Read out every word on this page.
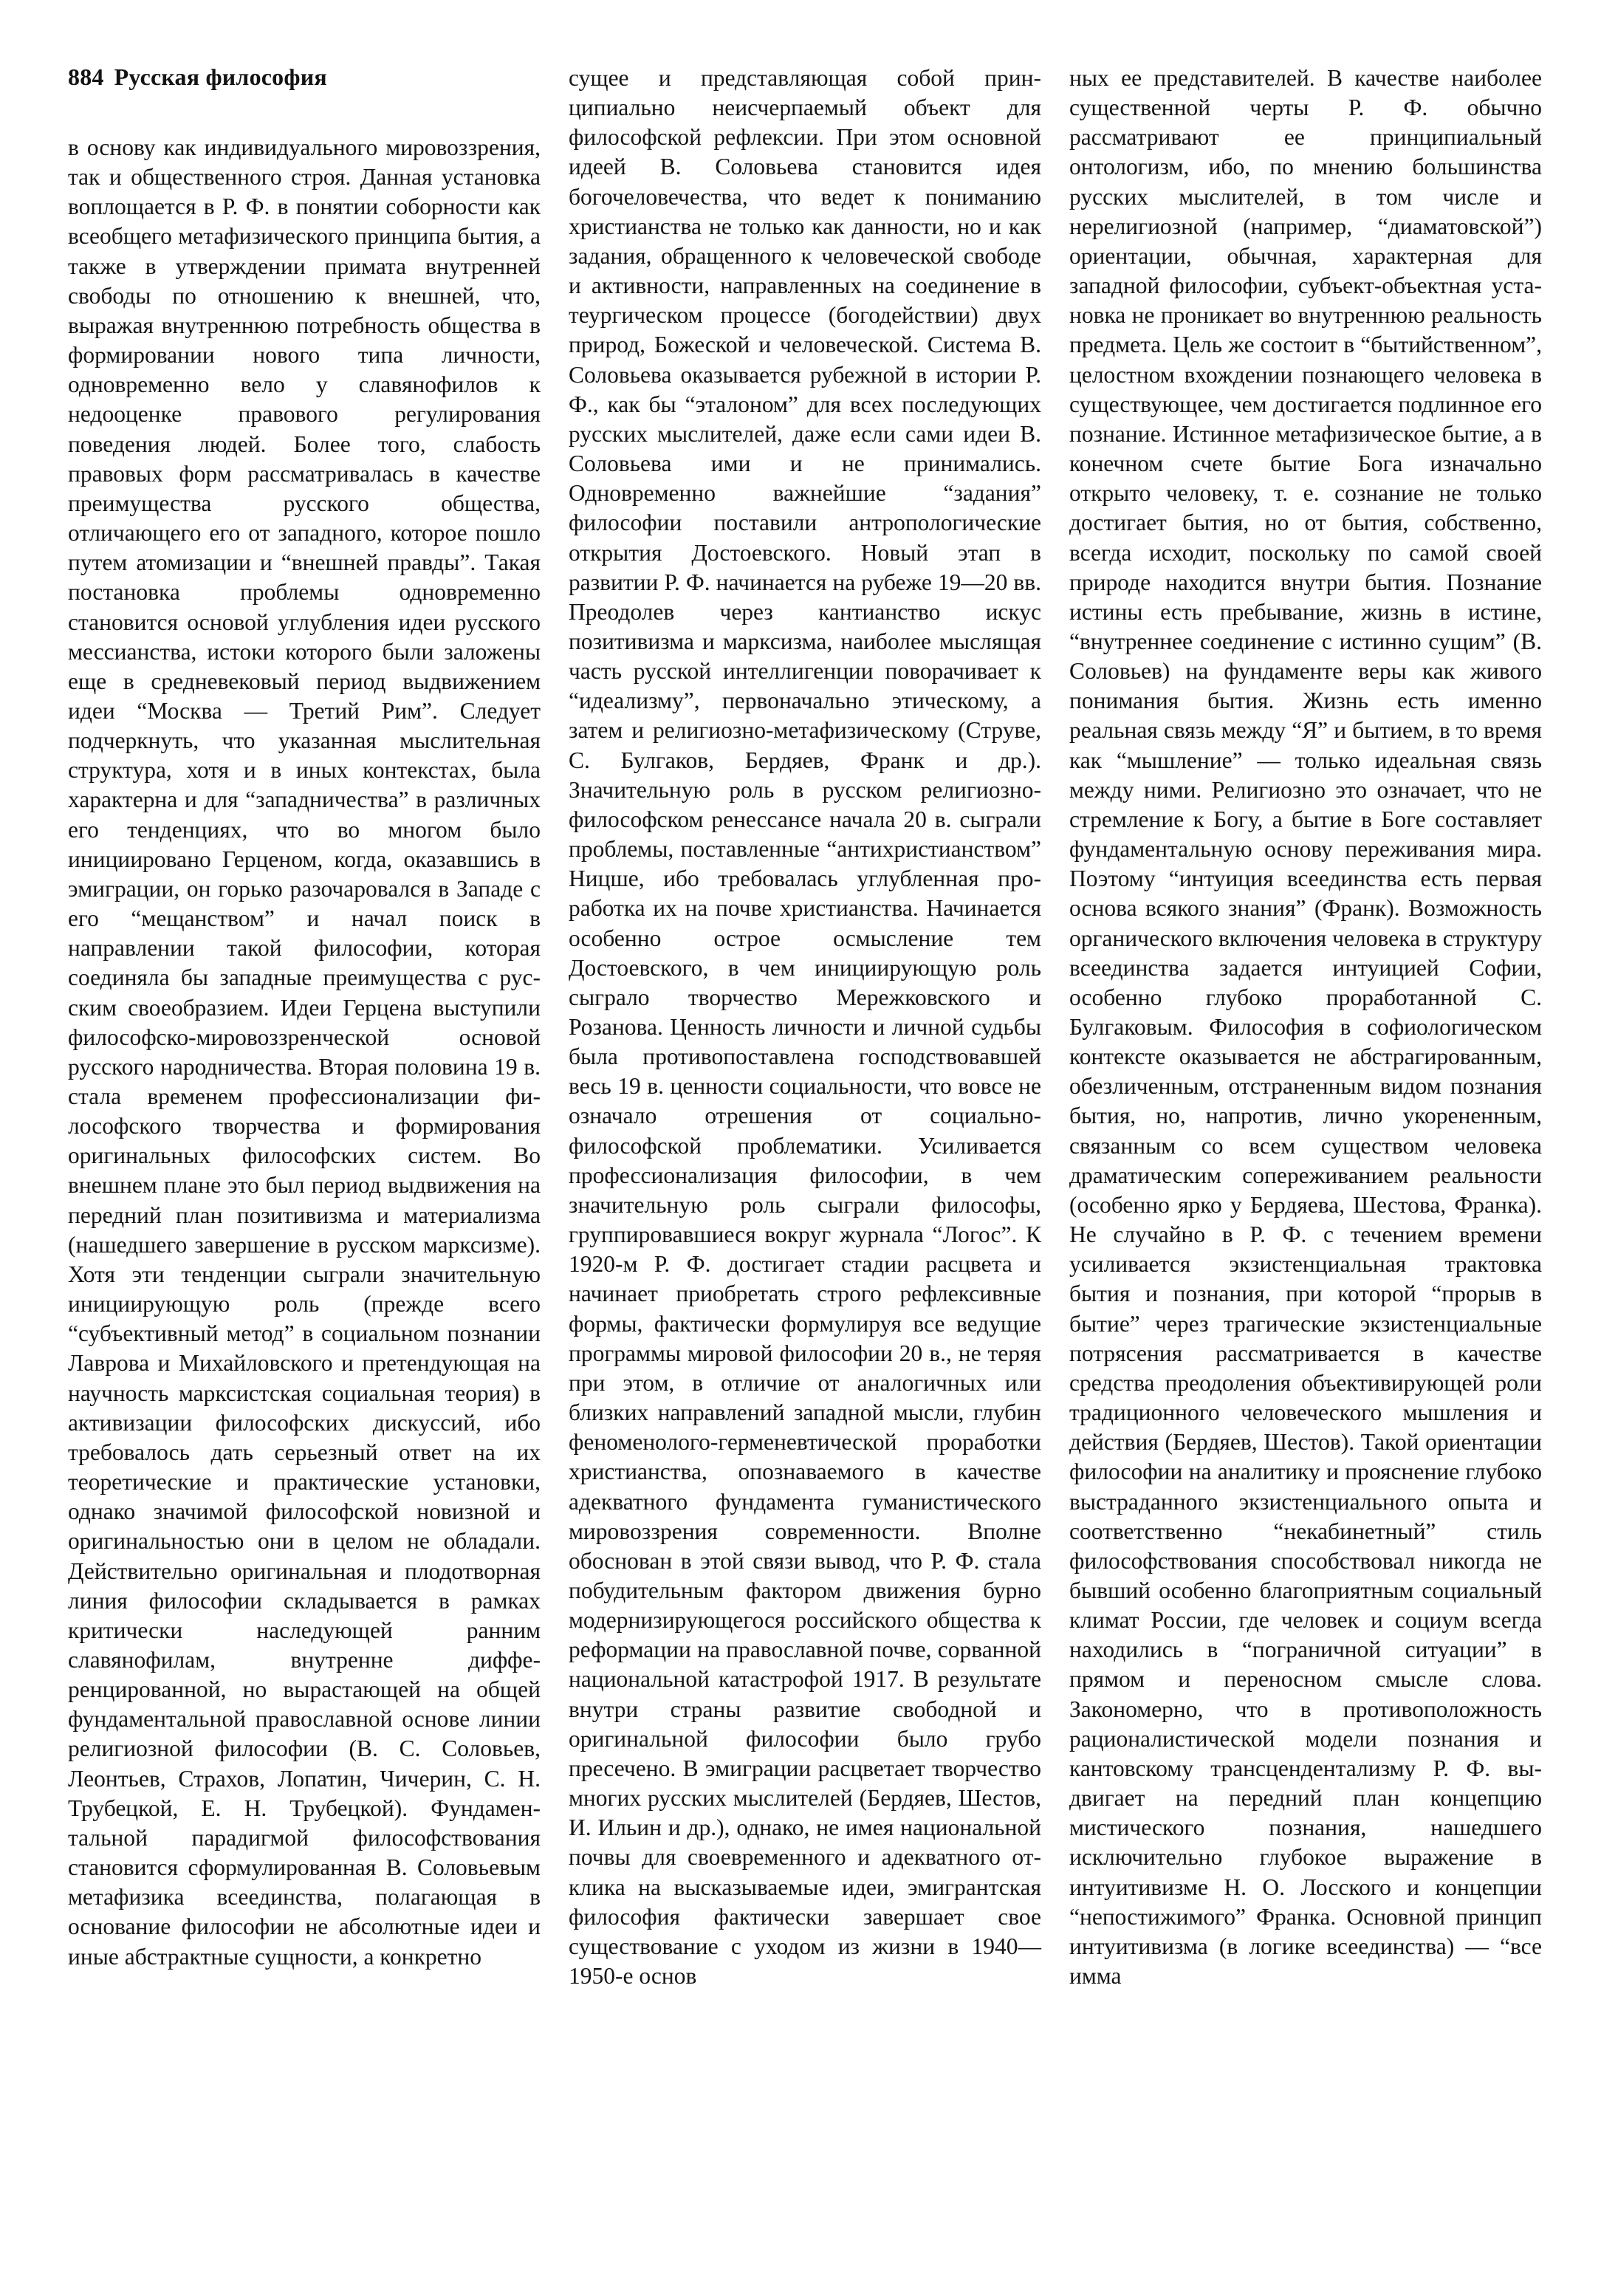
884 Русская философия

в основу как индивидуального мировоззрения, так и общественного строя. Данная установка воплощается в Р. Ф. в понятии соборности как всеобщего метафизического принципа бытия, а также в утверждении примата внутренней свободы по отношению к внешней, что, выражая внутреннюю потребность общества в формировании нового типа личности, одновременно вело у славянофилов к недооценке правового регулирования поведения людей. Более того, слабость правовых форм рассматривалась в качестве преимущества русского общества, отличающего его от западного, которое пошло путем атомизации и “внешней правды”. Такая постановка проблемы одновременно становится основой углубления идеи русского мессианства, истоки которого были заложены еще в средневековый период выдвижением идеи “Москва — Третий Рим”. Следует подчеркнуть, что указанная мыслительная структура, хотя и в иных контекстах, была характерна и для “западничества” в различных его тенденциях, что во многом было инициировано Герценом, когда, оказавшись в эмиграции, он горько разочаровался в Западе с его “мещанством” и начал поиск в направлении такой философии, которая соединяла бы западные преимущества с русским своеобразием. Идеи Герцена выступили философско-мировоззренческой основой русского народничества. Вторая половина 19 в. стала временем профессионализации философского творчества и формирования оригинальных философских систем. Во внешнем плане это был период выдвижения на передний план позитивизма и материализма (нашедшего завершение в русском марксизме). Хотя эти тенденции сыграли значительную инициирующую роль (прежде всего “субъективный метод” в социальном познании Лаврова и Михайловского и претендующая на научность марксистская социальная теория) в активизации философских дискуссий, ибо требовалось дать серьезный ответ на их теоретические и практические установки, однако значимой философской новизной и оригинальностью они в целом не обладали. Действительно оригинальная и плодотворная линия философии складывается в рамках критически наследующей ранним славянофилам, внутренне дифференцированной, но вырастающей на общей фундаментальной православной основе линии религиозной философии (В. С. Соловьев, Леонтьев, Страхов, Лопатин, Чичерин, С. Н. Трубецкой, Е. Н. Трубецкой). Фундаментальной парадигмой философствования становится сформулированная В. Соловьевым метафизика всеединства, полагающая в основание философии не абсолютные идеи и иные абстрактные сущности, а конкретно

сущее и представляющая собой принципиально неисчерпаемый объект для философской рефлексии. При этом основной идеей В. Соловьева становится идея богочеловечества, что ведет к пониманию христианства не только как данности, но и как задания, обращенного к человеческой свободе и активности, направленных на соединение в теургическом процессе (богодействии) двух природ, Божеской и человеческой. Система В. Соловьева оказывается рубежной в истории Р. Ф., как бы “эталоном” для всех последующих русских мыслителей, даже если сами идеи В. Соловьева ими и не принимались. Одновременно важнейшие “задания” философии поставили антропологические открытия Достоевского. Новый этап в развитии Р. Ф. начинается на рубеже 19—20 вв. Преодолев через кантианство искус позитивизма и марксизма, наиболее мыслящая часть русской интеллигенции поворачивает к “идеализму”, первоначально этическому, а затем и религиозно-метафизическому (Струве, С. Булгаков, Бердяев, Франк и др.). Значительную роль в русском религиозно-философском ренессансе начала 20 в. сыграли проблемы, поставленные “антихристианством” Ницше, ибо требовалась углубленная проработка их на почве христианства. Начинается особенно острое осмысление тем Достоевского, в чем инициирующую роль сыграло творчество Мережковского и Розанова. Ценность личности и личной судьбы была противопоставлена господствовавшей весь 19 в. ценности социальности, что вовсе не означало отрешения от социально-философской проблематики. Усиливается профессионализация философии, в чем значительную роль сыграли философы, группировавшиеся вокруг журнала “Логос”. К 1920-м Р. Ф. достигает стадии расцвета и начинает приобретать строго рефлексивные формы, фактически формулируя все ведущие программы мировой философии 20 в., не теряя при этом, в отличие от аналогичных или близких направлений западной мысли, глубин феноменолого-герменевтической проработки христианства, опознаваемого в качестве адекватного фундамента гуманистического мировоззрения современности. Вполне обоснован в этой связи вывод, что Р. Ф. стала побудительным фактором движения бурно модернизирующегося российского общества к реформации на православной почве, сорванной национальной катастрофой 1917. В результате внутри страны развитие свободной и оригинальной философии было грубо пресечено. В эмиграции расцветает творчество многих русских мыслителей (Бердяев, Шестов, И. Ильин и др.), однако, не имея национальной почвы для своевременного и адекватного отклика на высказываемые идеи, эмигрантская философия фактически завершает свое существование с уходом из жизни в 1940—1950-е основ

ных ее представителей. В качестве наиболее существенной черты Р. Ф. обычно рассматривают ее принципиальный онтологизм, ибо, по мнению большинства русских мыслителей, в том числе и нерелигиозной (например, “диаматовской”) ориентации, обычная, характерная для западной философии, субъект-объектная установка не проникает во внутреннюю реальность предмета. Цель же состоит в “бытийственном”, целостном вхождении познающего человека в существующее, чем достигается подлинное его познание. Истинное метафизическое бытие, а в конечном счете бытие Бога изначально открыто человеку, т. е. сознание не только достигает бытия, но от бытия, собственно, всегда исходит, поскольку по самой своей природе находится внутри бытия. Познание истины есть пребывание, жизнь в истине, “внутреннее соединение с истинно сущим” (В. Соловьев) на фундаменте веры как живого понимания бытия. Жизнь есть именно реальная связь между “Я” и бытием, в то время как “мышление” — только идеальная связь между ними. Религиозно это означает, что не стремление к Богу, а бытие в Боге составляет фундаментальную основу переживания мира. Поэтому “интуиция всеединства есть первая основа всякого знания” (Франк). Возможность органического включения человека в структуру всеединства задается интуицией Софии, особенно глубоко проработанной С. Булгаковым. Философия в софиологическом контексте оказывается не абстрагированным, обезличенным, отстраненным видом познания бытия, но, напротив, лично укорененным, связанным со всем существом человека драматическим сопереживанием реальности (особенно ярко у Бердяева, Шестова, Франка). Не случайно в Р. Ф. с течением времени усиливается экзистенциальная трактовка бытия и познания, при которой “прорыв в бытие” через трагические экзистенциальные потрясения рассматривается в качестве средства преодоления объективирующей роли традиционного человеческого мышления и действия (Бердяев, Шестов). Такой ориентации философии на аналитику и прояснение глубоко выстраданного экзистенциального опыта и соответственно “некабинетный” стиль философствования способствовал никогда не бывший особенно благоприятным социальный климат России, где человек и социум всегда находились в “пограничной ситуации” в прямом и переносном смысле слова. Закономерно, что в противоположность рационалистической модели познания и кантовскому трансцендентализму Р. Ф. выдвигает на передний план концепцию мистического познания, нашедшего исключительно глубокое выражение в интуитивизме Н. О. Лосского и концепции “непостижимого” Франка. Основной принцип интуитивизма (в логике всеединства) — “все имма
